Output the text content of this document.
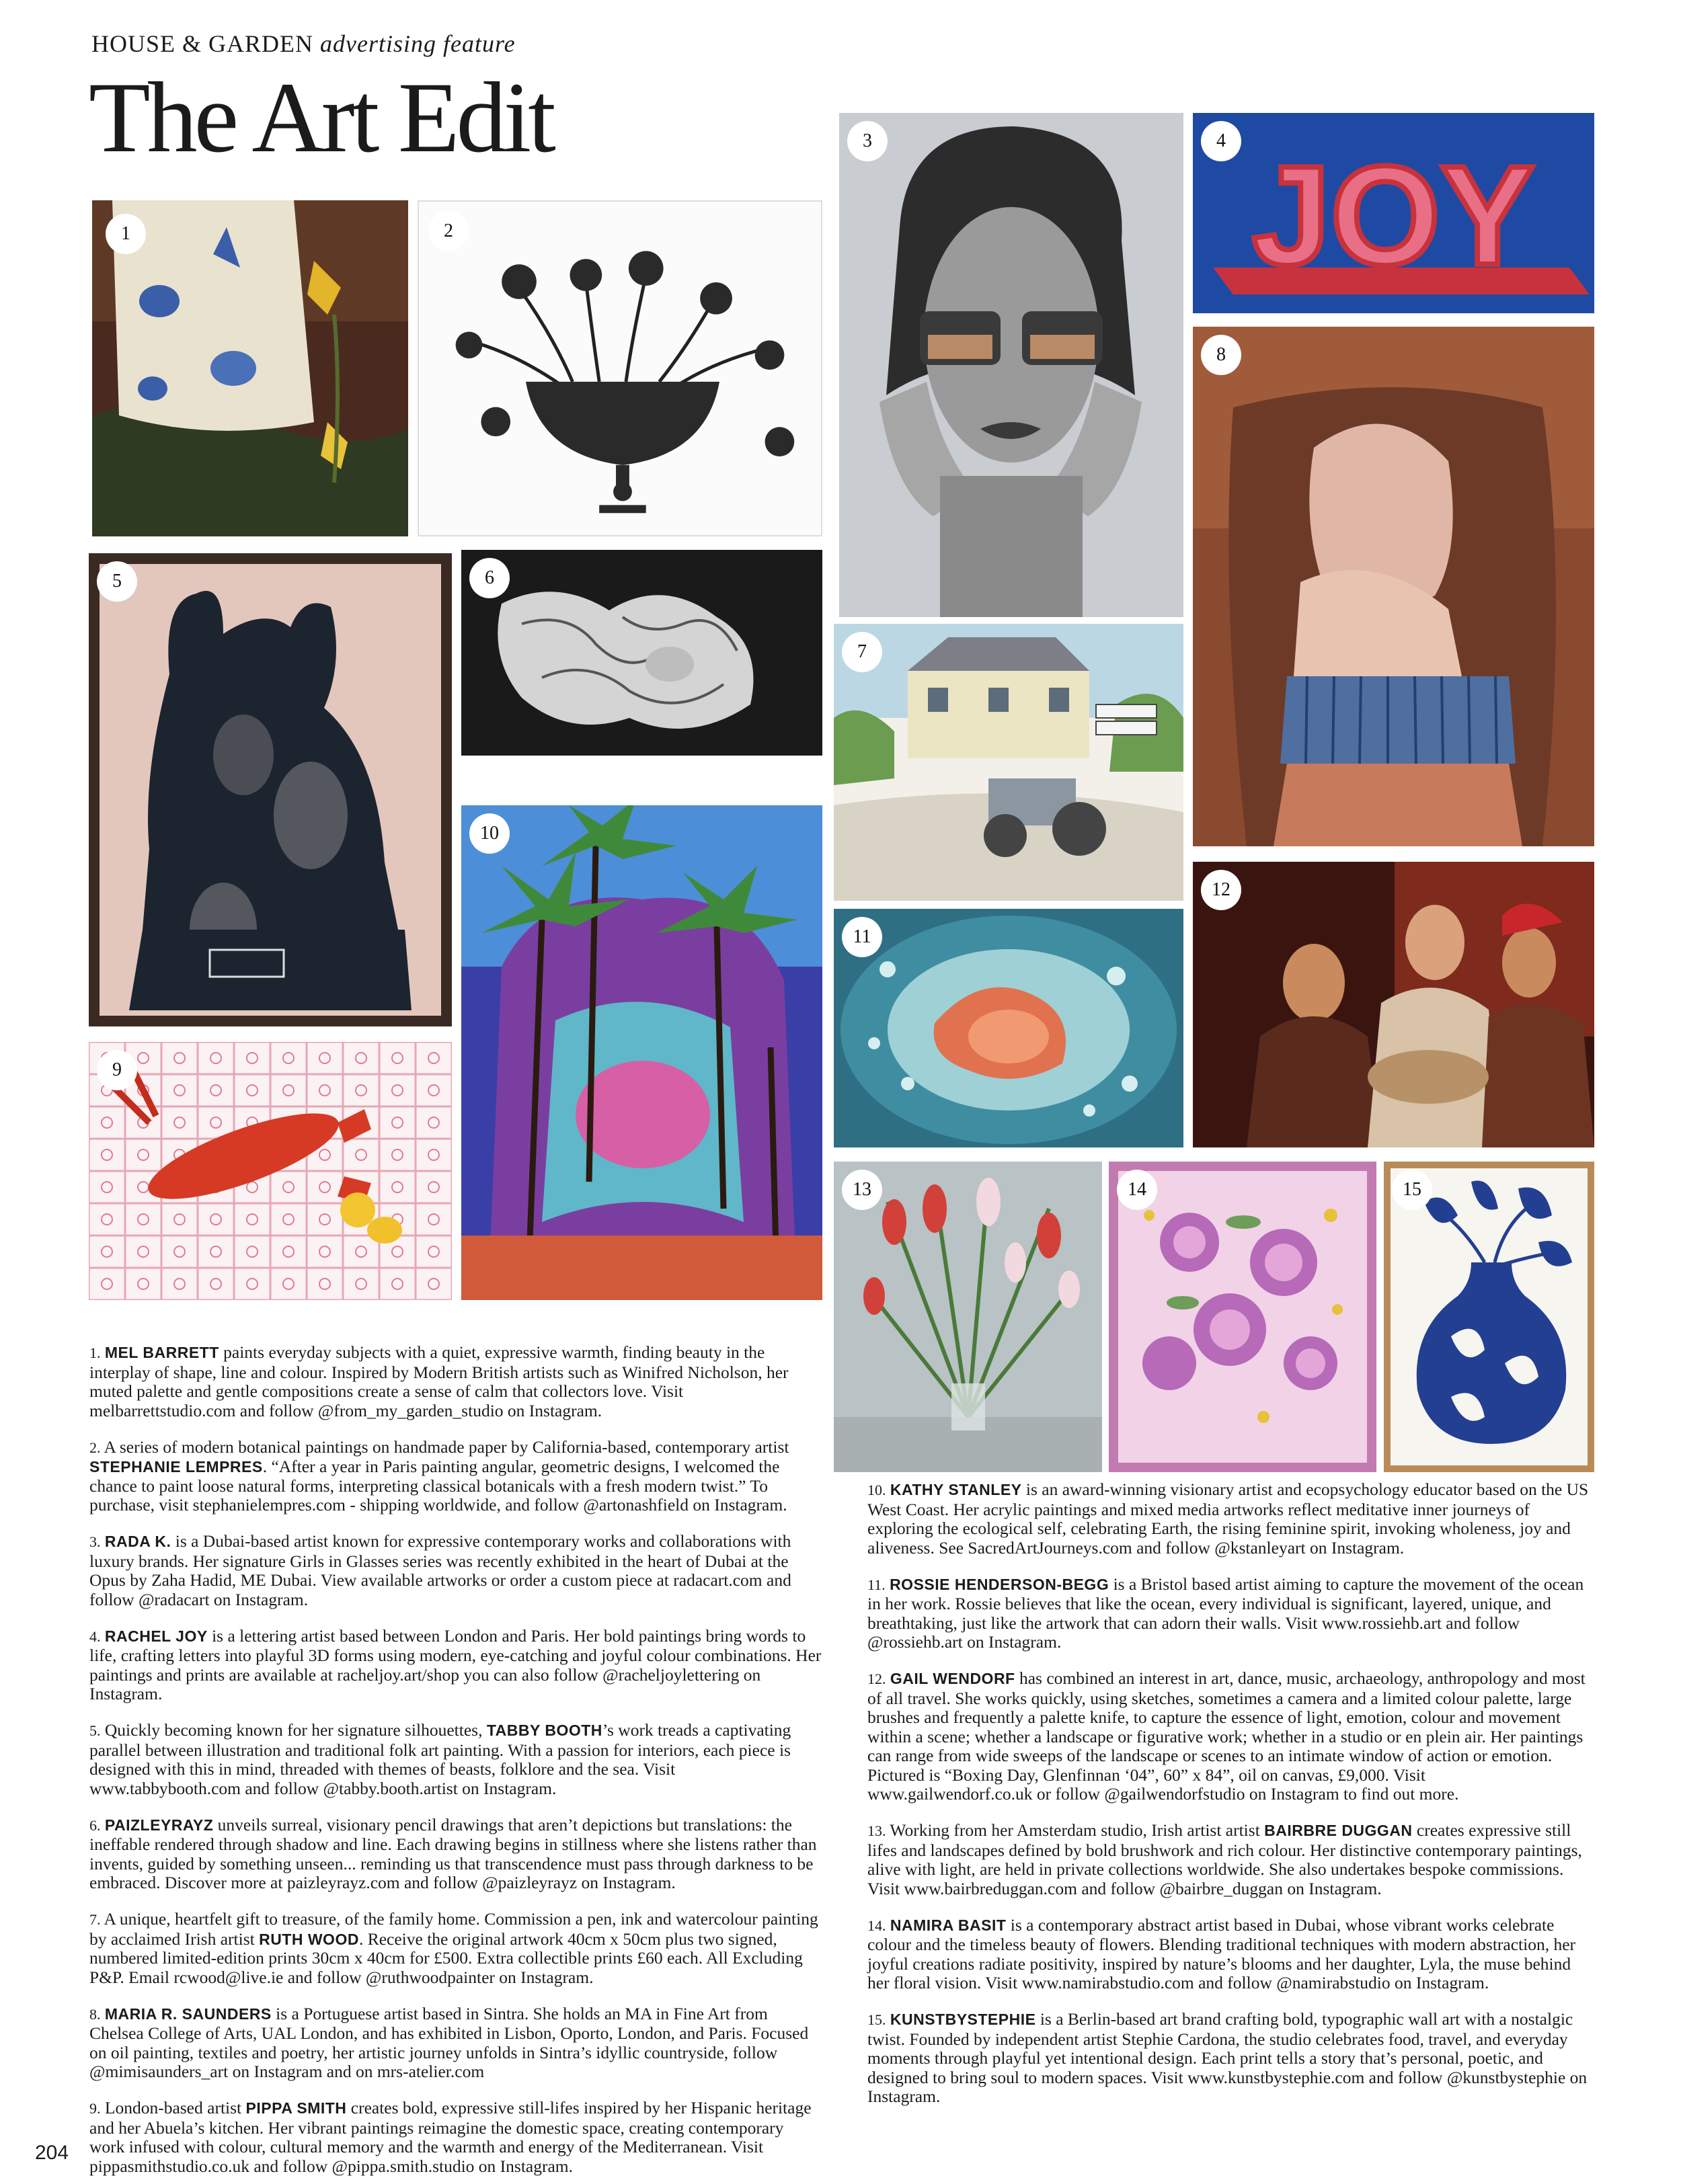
HOUSE & GARDEN advertising feature
The Art Edit
1	2
3	JOY
4
8
5	6
7
10
11
12
9
13	14	15

1. MEL BARRETT paints everyday subjects with a quiet, expressive warmth, finding beauty in the interplay of shape, line and colour. Inspired by Modern British artists such as Winifred Nicholson, her muted palette and gentle compositions create a sense of calm that collectors love. Visit melbarrettstudio.com and follow @from_my_garden_studio on Instagram.

2. A series of modern botanical paintings on handmade paper by California-based, contemporary artist STEPHANIE LEMPRES. “After a year in Paris painting angular, geometric designs, I welcomed the chance to paint loose natural forms, interpreting classical botanicals with a fresh modern twist.” To purchase, visit stephanielempres.com - shipping worldwide, and follow @artonashfield on Instagram.

3. RADA K. is a Dubai-based artist known for expressive contemporary works and collaborations with luxury brands. Her signature Girls in Glasses series was recently exhibited in the heart of Dubai at the Opus by Zaha Hadid, ME Dubai. View available artworks or order a custom piece at radacart.com and follow @radacart on Instagram.

4. RACHEL JOY is a lettering artist based between London and Paris. Her bold paintings bring words to life, crafting letters into playful 3D forms using modern, eye-catching and joyful colour combinations. Her paintings and prints are available at racheljoy.art/shop you can also follow @racheljoylettering on Instagram.

5. Quickly becoming known for her signature silhouettes, TABBY BOOTH’s work treads a captivating parallel between illustration and traditional folk art painting. With a passion for interiors, each piece is designed with this in mind, threaded with themes of beasts, folklore and the sea. Visit www.tabbybooth.com and follow @tabby.booth.artist on Instagram.

6. PAIZLEYRAYZ unveils surreal, visionary pencil drawings that aren’t depictions but translations: the ineffable rendered through shadow and line. Each drawing begins in stillness where she listens rather than invents, guided by something unseen... reminding us that transcendence must pass through darkness to be embraced. Discover more at paizleyrayz.com and follow @paizleyrayz on Instagram.

7. A unique, heartfelt gift to treasure, of the family home. Commission a pen, ink and watercolour painting by acclaimed Irish artist RUTH WOOD. Receive the original artwork 40cm x 50cm plus two signed, numbered limited-edition prints 30cm x 40cm for £500. Extra collectible prints £60 each. All Excluding P&P. Email rcwood@live.ie and follow @ruthwoodpainter on Instagram.

8. MARIA R. SAUNDERS is a Portuguese artist based in Sintra. She holds an MA in Fine Art from Chelsea College of Arts, UAL London, and has exhibited in Lisbon, Oporto, London, and Paris. Focused on oil painting, textiles and poetry, her artistic journey unfolds in Sintra’s idyllic countryside, follow @mimisaunders_art on Instagram and on mrs-atelier.com

9. London-based artist PIPPA SMITH creates bold, expressive still-lifes inspired by her Hispanic heritage and her Abuela’s kitchen. Her vibrant paintings reimagine the domestic space, creating contemporary work infused with colour, cultural memory and the warmth and energy of the Mediterranean. Visit pippasmithstudio.co.uk and follow @pippa.smith.studio on Instagram.

10. KATHY STANLEY is an award-winning visionary artist and ecopsychology educator based on the US West Coast. Her acrylic paintings and mixed media artworks reflect meditative inner journeys of exploring the ecological self, celebrating Earth, the rising feminine spirit, invoking wholeness, joy and aliveness. See SacredArtJourneys.com and follow @kstanleyart on Instagram.

11. ROSSIE HENDERSON-BEGG is a Bristol based artist aiming to capture the movement of the ocean in her work. Rossie believes that like the ocean, every individual is significant, layered, unique, and breathtaking, just like the artwork that can adorn their walls. Visit www.rossiehb.art and follow @rossiehb.art on Instagram.

12. GAIL WENDORF has combined an interest in art, dance, music, archaeology, anthropology and most of all travel. She works quickly, using sketches, sometimes a camera and a limited colour palette, large brushes and frequently a palette knife, to capture the essence of light, emotion, colour and movement within a scene; whether a landscape or figurative work; whether in a studio or en plein air. Her paintings can range from wide sweeps of the landscape or scenes to an intimate window of action or emotion. Pictured is “Boxing Day, Glenfinnan ‘04”, 60” x 84”, oil on canvas, £9,000. Visit www.gailwendorf.co.uk or follow @gailwendorfstudio on Instagram to find out more.

13. Working from her Amsterdam studio, Irish artist artist BAIRBRE DUGGAN creates expressive still lifes and landscapes defined by bold brushwork and rich colour. Her distinctive contemporary paintings, alive with light, are held in private collections worldwide. She also undertakes bespoke commissions. Visit www.bairbreduggan.com and follow @bairbre_duggan on Instagram.

14. NAMIRA BASIT is a contemporary abstract artist based in Dubai, whose vibrant works celebrate colour and the timeless beauty of flowers. Blending traditional techniques with modern abstraction, her joyful creations radiate positivity, inspired by nature’s blooms and her daughter, Lyla, the muse behind her floral vision. Visit www.namirabstudio.com and follow @namirabstudio on Instagram.

15. KUNSTBYSTEPHIE is a Berlin-based art brand crafting bold, typographic wall art with a nostalgic twist. Founded by independent artist Stephie Cardona, the studio celebrates food, travel, and everyday moments through playful yet intentional design. Each print tells a story that’s personal, poetic, and designed to bring soul to modern spaces. Visit www.kunstbystephie.com and follow @kunstbystephie on Instagram.

204
